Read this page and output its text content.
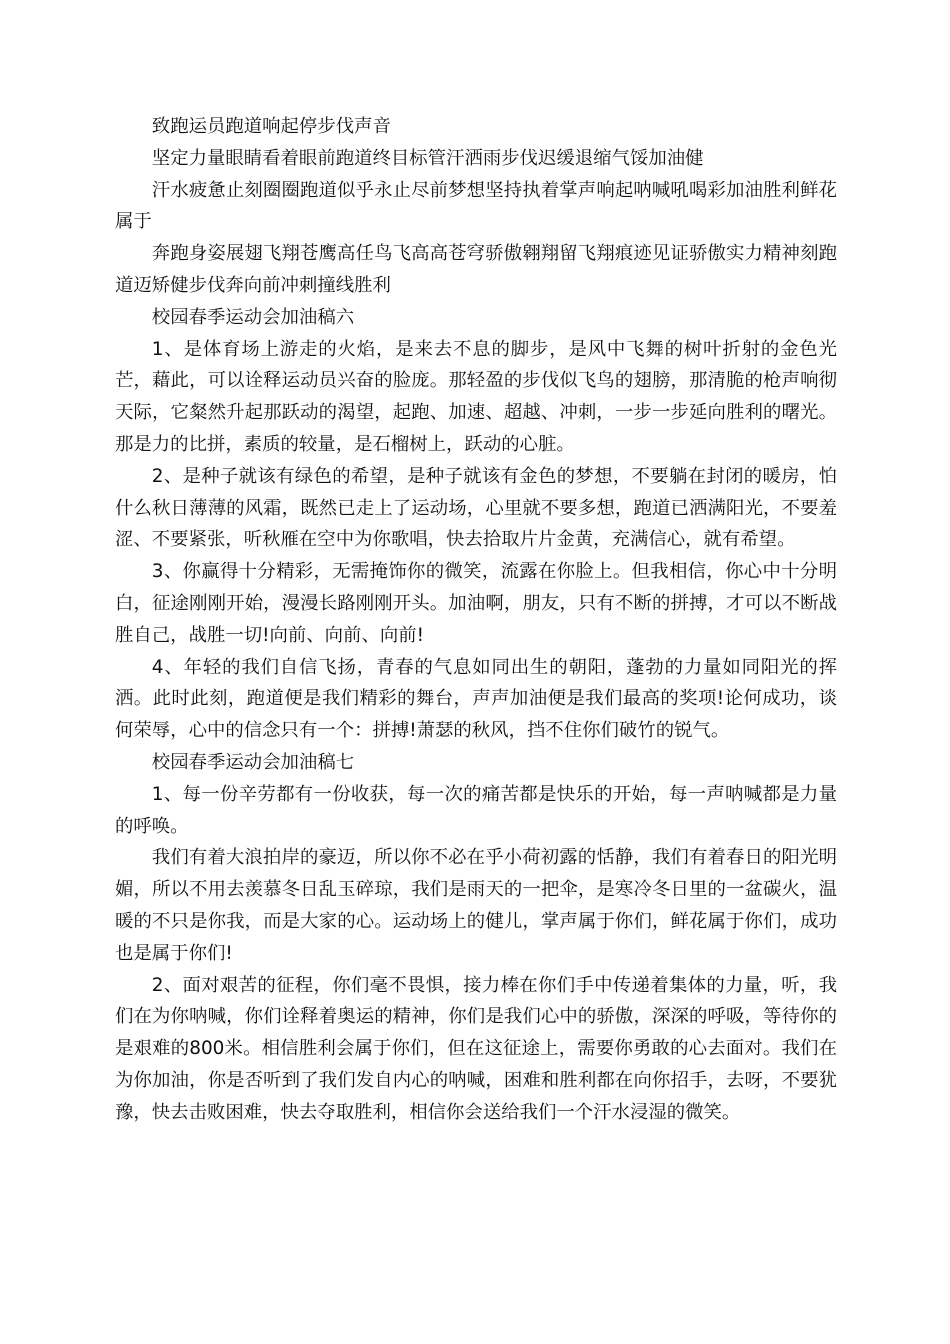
致跑运员跑道响起停步伐声音

坚定力量眼睛看着眼前跑道终目标管汗洒雨步伐迟缓退缩气馁加油健

汗水疲惫止刻圈圈跑道似乎永止尽前梦想坚持执着掌声响起呐喊吼喝彩加油胜利鲜花属于

奔跑身姿展翅飞翔苍鹰高任鸟飞高高苍穹骄傲翱翔留飞翔痕迹见证骄傲实力精神刻跑道迈矫健步伐奔向前冲刺撞线胜利

校园春季运动会加油稿六

1、是体育场上游走的火焰，是来去不息的脚步，是风中飞舞的树叶折射的金色光芒，藉此，可以诠释运动员兴奋的脸庞。那轻盈的步伐似飞鸟的翅膀，那清脆的枪声响彻天际，它粲然升起那跃动的渴望，起跑、加速、超越、冲刺，一步一步延向胜利的曙光。那是力的比拼，素质的较量，是石榴树上，跃动的心脏。

2、是种子就该有绿色的希望，是种子就该有金色的梦想，不要躺在封闭的暖房，怕什么秋日薄薄的风霜，既然已走上了运动场，心里就不要多想，跑道已洒满阳光，不要羞涩、不要紧张，听秋雁在空中为你歌唱，快去拾取片片金黄，充满信心，就有希望。

3、你赢得十分精彩，无需掩饰你的微笑，流露在你脸上。但我相信，你心中十分明白，征途刚刚开始，漫漫长路刚刚开头。加油啊，朋友，只有不断的拼搏，才可以不断战胜自己，战胜一切!向前、向前、向前!

4、年轻的我们自信飞扬，青春的气息如同出生的朝阳，蓬勃的力量如同阳光的挥洒。此时此刻，跑道便是我们精彩的舞台，声声加油便是我们最高的奖项!论何成功，谈何荣辱，心中的信念只有一个：拼搏!萧瑟的秋风，挡不住你们破竹的锐气。

校园春季运动会加油稿七

1、每一份辛劳都有一份收获，每一次的痛苦都是快乐的开始，每一声呐喊都是力量的呼唤。

我们有着大浪拍岸的豪迈，所以你不必在乎小荷初露的恬静，我们有着春日的阳光明媚，所以不用去羡慕冬日乱玉碎琼，我们是雨天的一把伞，是寒冷冬日里的一盆碳火，温暖的不只是你我，而是大家的心。运动场上的健儿，掌声属于你们，鲜花属于你们，成功也是属于你们!

2、面对艰苦的征程，你们毫不畏惧，接力棒在你们手中传递着集体的力量，听，我们在为你呐喊，你们诠释着奥运的精神，你们是我们心中的骄傲，深深的呼吸，等待你的是艰难的800米。相信胜利会属于你们，但在这征途上，需要你勇敢的心去面对。我们在为你加油，你是否听到了我们发自内心的呐喊，困难和胜利都在向你招手，去呀，不要犹豫，快去击败困难，快去夺取胜利，相信你会送给我们一个汗水浸湿的微笑。
